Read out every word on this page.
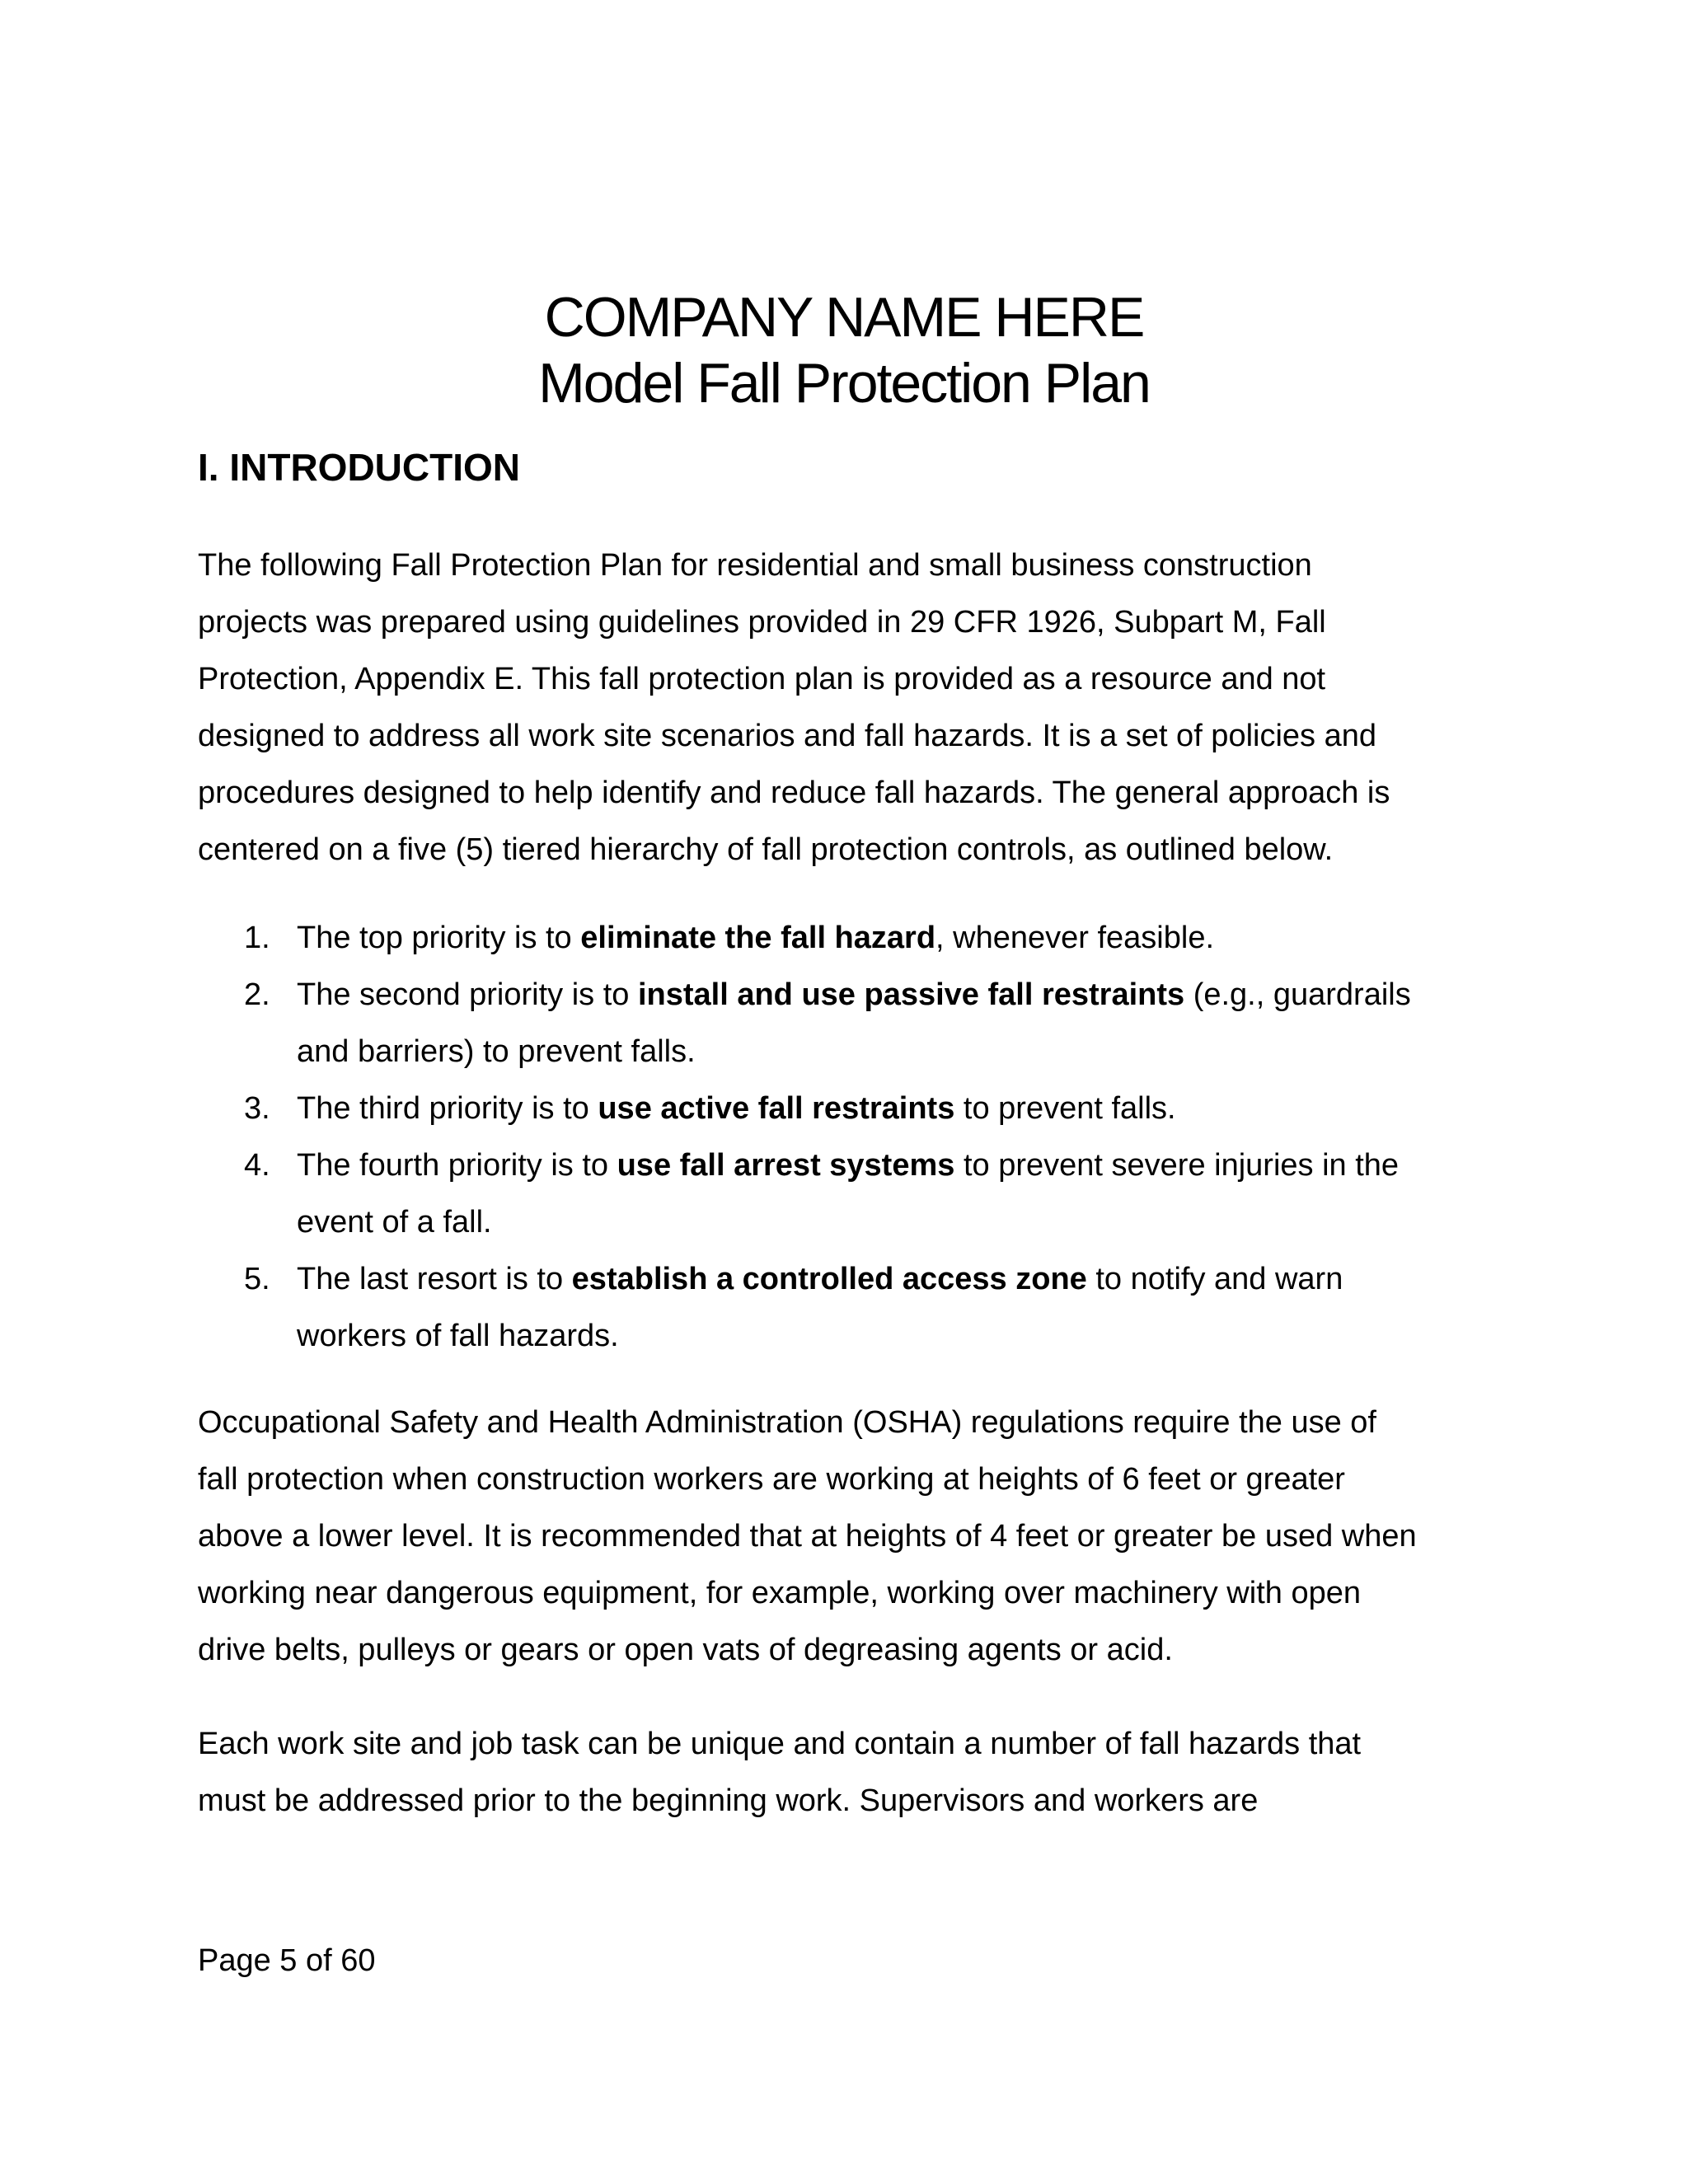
COMPANY NAME HERE
Model Fall Protection Plan
I. INTRODUCTION

The following Fall Protection Plan for residential and small business construction
projects was prepared using guidelines provided in 29 CFR 1926, Subpart M, Fall
Protection, Appendix E. This fall protection plan is provided as a resource and not
designed to address all work site scenarios and fall hazards. It is a set of policies and
procedures designed to help identify and reduce fall hazards. The general approach is
centered on a five (5) tiered hierarchy of fall protection controls, as outlined below.

1. The top priority is to eliminate the fall hazard, whenever feasible.
2. The second priority is to install and use passive fall restraints (e.g., guardrails
and barriers) to prevent falls.
3. The third priority is to use active fall restraints to prevent falls.
4. The fourth priority is to use fall arrest systems to prevent severe injuries in the
event of a fall.
5. The last resort is to establish a controlled access zone to notify and warn
workers of fall hazards.

Occupational Safety and Health Administration (OSHA) regulations require the use of
fall protection when construction workers are working at heights of 6 feet or greater
above a lower level. It is recommended that at heights of 4 feet or greater be used when
working near dangerous equipment, for example, working over machinery with open
drive belts, pulleys or gears or open vats of degreasing agents or acid.

Each work site and job task can be unique and contain a number of fall hazards that
must be addressed prior to the beginning work. Supervisors and workers are

Page 5 of 60
